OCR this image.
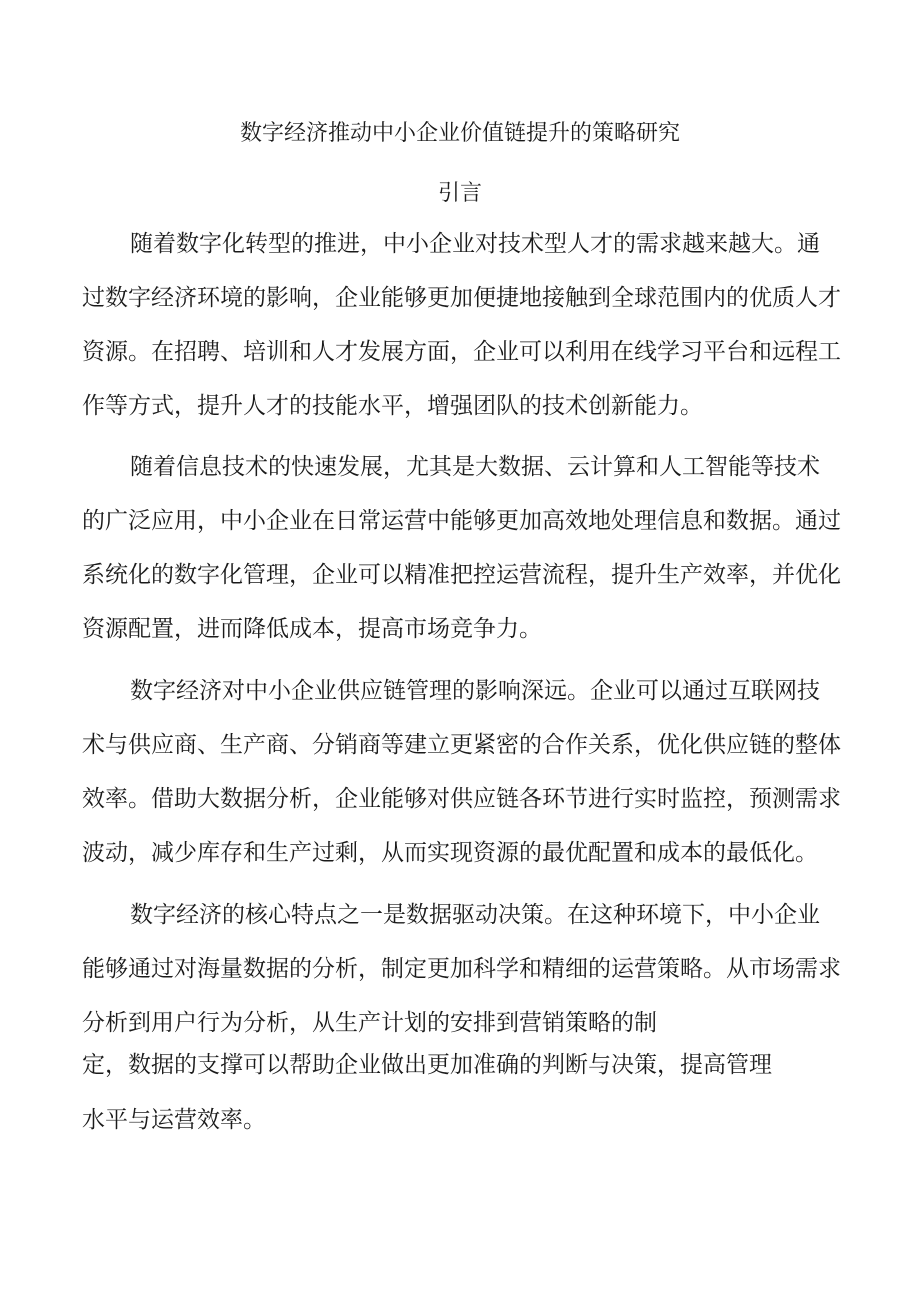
数字经济推动中小企业价值链提升的策略研究
引言
随着数字化转型的推进，中小企业对技术型人才的需求越来越大。通
过数字经济环境的影响，企业能够更加便捷地接触到全球范围内的优质人才
资源。在招聘、培训和人才发展方面，企业可以利用在线学习平台和远程工
作等方式，提升人才的技能水平，增强团队的技术创新能力。
随着信息技术的快速发展，尤其是大数据、云计算和人工智能等技术
的广泛应用，中小企业在日常运营中能够更加高效地处理信息和数据。通过
系统化的数字化管理，企业可以精准把控运营流程，提升生产效率，并优化
资源配置，进而降低成本，提高市场竞争力。
数字经济对中小企业供应链管理的影响深远。企业可以通过互联网技
术与供应商、生产商、分销商等建立更紧密的合作关系，优化供应链的整体
效率。借助大数据分析，企业能够对供应链各环节进行实时监控，预测需求
波动，减少库存和生产过剩，从而实现资源的最优配置和成本的最低化。
数字经济的核心特点之一是数据驱动决策。在这种环境下，中小企业
能够通过对海量数据的分析，制定更加科学和精细的运营策略。从市场需求
分析到用户行为分析，从生产计划的安排到营销策略的制
定，数据的支撑可以帮助企业做出更加准确的判断与决策，提高管理
水平与运营效率。
